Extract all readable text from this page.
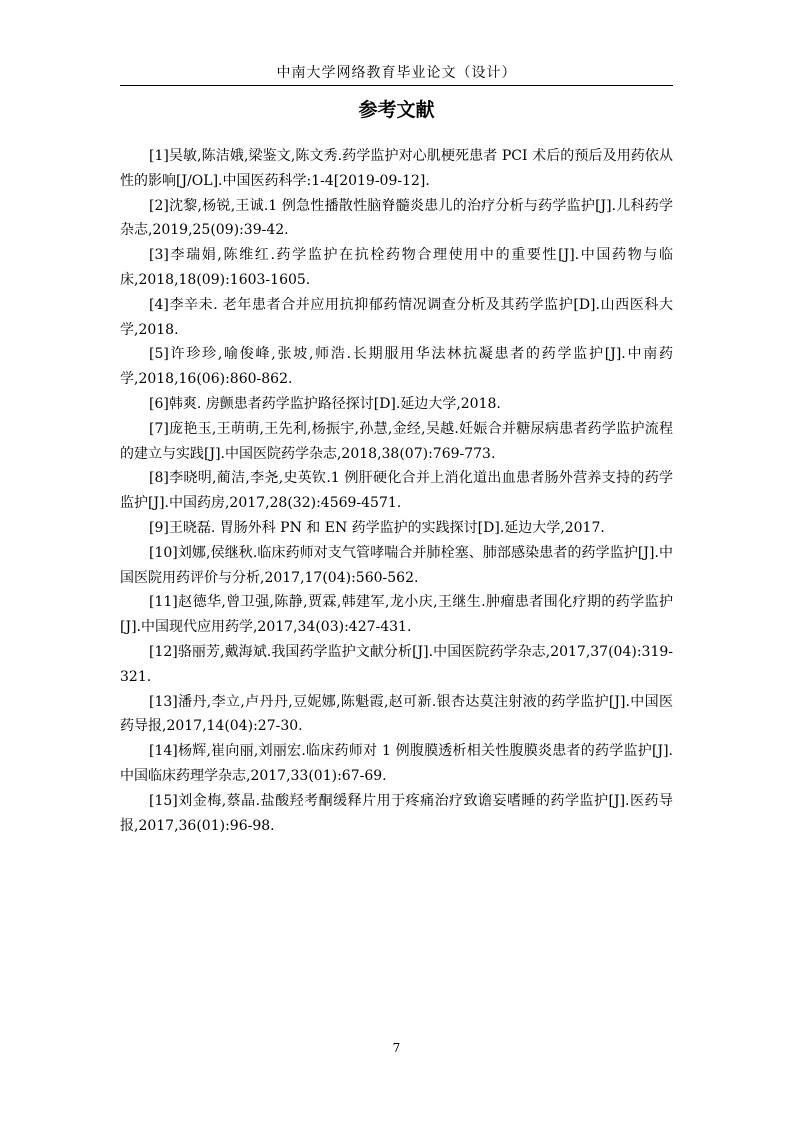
中南大学网络教育毕业论文（设计）
参考文献
[1]吴敏,陈洁娥,梁鉴文,陈文秀.药学监护对心肌梗死患者 PCI 术后的预后及用药依从性的影响[J/OL].中国医药科学:1-4[2019-09-12].
[2]沈黎,杨锐,王诚.1 例急性播散性脑脊髓炎患儿的治疗分析与药学监护[J].儿科药学杂志,2019,25(09):39-42.
[3]李瑞娟,陈维红.药学监护在抗栓药物合理使用中的重要性[J].中国药物与临床,2018,18(09):1603-1605.
[4]李辛未. 老年患者合并应用抗抑郁药情况调查分析及其药学监护[D].山西医科大学,2018.
[5]许珍珍,喻俊峰,张坡,师浩.长期服用华法林抗凝患者的药学监护[J].中南药学,2018,16(06):860-862.
[6]韩爽. 房颤患者药学监护路径探讨[D].延边大学,2018.
[7]庞艳玉,王萌萌,王先利,杨振宇,孙慧,金经,吴越.妊娠合并糖尿病患者药学监护流程的建立与实践[J].中国医院药学杂志,2018,38(07):769-773.
[8]李晓明,蔺洁,李尧,史英钦.1 例肝硬化合并上消化道出血患者肠外营养支持的药学监护[J].中国药房,2017,28(32):4569-4571.
[9]王晓磊. 胃肠外科 PN 和 EN 药学监护的实践探讨[D].延边大学,2017.
[10]刘娜,侯继秋.临床药师对支气管哮喘合并肺栓塞、肺部感染患者的药学监护[J].中国医院用药评价与分析,2017,17(04):560-562.
[11]赵德华,曾卫强,陈静,贾霖,韩建军,龙小庆,王继生.肿瘤患者围化疗期的药学监护[J].中国现代应用药学,2017,34(03):427-431.
[12]骆丽芳,戴海斌.我国药学监护文献分析[J].中国医院药学杂志,2017,37(04):319-321.
[13]潘丹,李立,卢丹丹,豆妮娜,陈魁霞,赵可新.银杏达莫注射液的药学监护[J].中国医药导报,2017,14(04):27-30.
[14]杨辉,崔向丽,刘丽宏.临床药师对 1 例腹膜透析相关性腹膜炎患者的药学监护[J].中国临床药理学杂志,2017,33(01):67-69.
[15]刘金梅,蔡晶.盐酸羟考酮缓释片用于疼痛治疗致谵妄嗜睡的药学监护[J].医药导报,2017,36(01):96-98.
7
